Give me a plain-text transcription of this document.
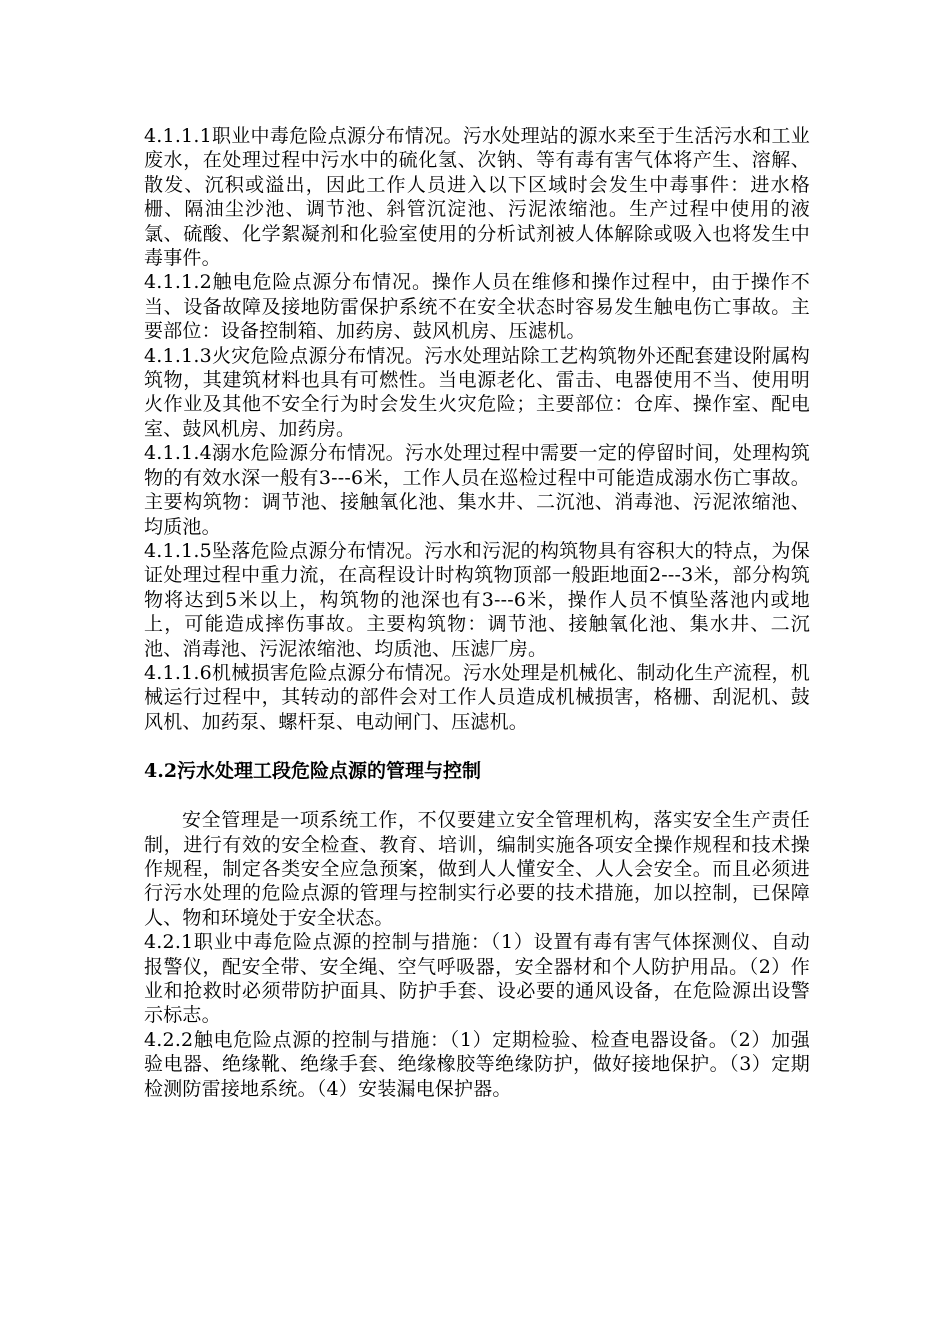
4.1.1.1职业中毒危险点源分布情况。污水处理站的源水来至于生活污水和工业废水，在处理过程中污水中的硫化氢、次钠、等有毒有害气体将产生、溶解、散发、沉积或溢出，因此工作人员进入以下区域时会发生中毒事件：进水格栅、隔油尘沙池、调节池、斜管沉淀池、污泥浓缩池。生产过程中使用的液氯、硫酸、化学絮凝剂和化验室使用的分析试剂被人体解除或吸入也将发生中毒事件。

4.1.1.2触电危险点源分布情况。操作人员在维修和操作过程中，由于操作不当、设备故障及接地防雷保护系统不在安全状态时容易发生触电伤亡事故。主要部位：设备控制箱、加药房、鼓风机房、压滤机。

4.1.1.3火灾危险点源分布情况。污水处理站除工艺构筑物外还配套建设附属构筑物，其建筑材料也具有可燃性。当电源老化、雷击、电器使用不当、使用明火作业及其他不安全行为时会发生火灾危险；主要部位：仓库、操作室、配电室、鼓风机房、加药房。

4.1.1.4溺水危险源分布情况。污水处理过程中需要一定的停留时间，处理构筑物的有效水深一般有3---6米，工作人员在巡检过程中可能造成溺水伤亡事故。主要构筑物：调节池、接触氧化池、集水井、二沉池、消毒池、污泥浓缩池、均质池。

4.1.1.5坠落危险点源分布情况。污水和污泥的构筑物具有容积大的特点，为保证处理过程中重力流，在高程设计时构筑物顶部一般距地面2---3米，部分构筑物将达到5米以上，构筑物的池深也有3---6米，操作人员不慎坠落池内或地上，可能造成摔伤事故。主要构筑物：调节池、接触氧化池、集水井、二沉池、消毒池、污泥浓缩池、均质池、压滤厂房。

4.1.1.6机械损害危险点源分布情况。污水处理是机械化、制动化生产流程，机械运行过程中，其转动的部件会对工作人员造成机械损害，格栅、刮泥机、鼓风机、加药泵、螺杆泵、电动闸门、压滤机。

4.2污水处理工段危险点源的管理与控制

安全管理是一项系统工作，不仅要建立安全管理机构，落实安全生产责任制，进行有效的安全检查、教育、培训，编制实施各项安全操作规程和技术操作规程，制定各类安全应急预案，做到人人懂安全、人人会安全。而且必须进行污水处理的危险点源的管理与控制实行必要的技术措施，加以控制，已保障人、物和环境处于安全状态。

4.2.1职业中毒危险点源的控制与措施：（1）设置有毒有害气体探测仪、自动报警仪，配安全带、安全绳、空气呼吸器，安全器材和个人防护用品。（2）作业和抢救时必须带防护面具、防护手套、设必要的通风设备，在危险源出设警示标志。

4.2.2触电危险点源的控制与措施：（1）定期检验、检查电器设备。（2）加强验电器、绝缘靴、绝缘手套、绝缘橡胶等绝缘防护，做好接地保护。（3）定期检测防雷接地系统。（4）安装漏电保护器。
